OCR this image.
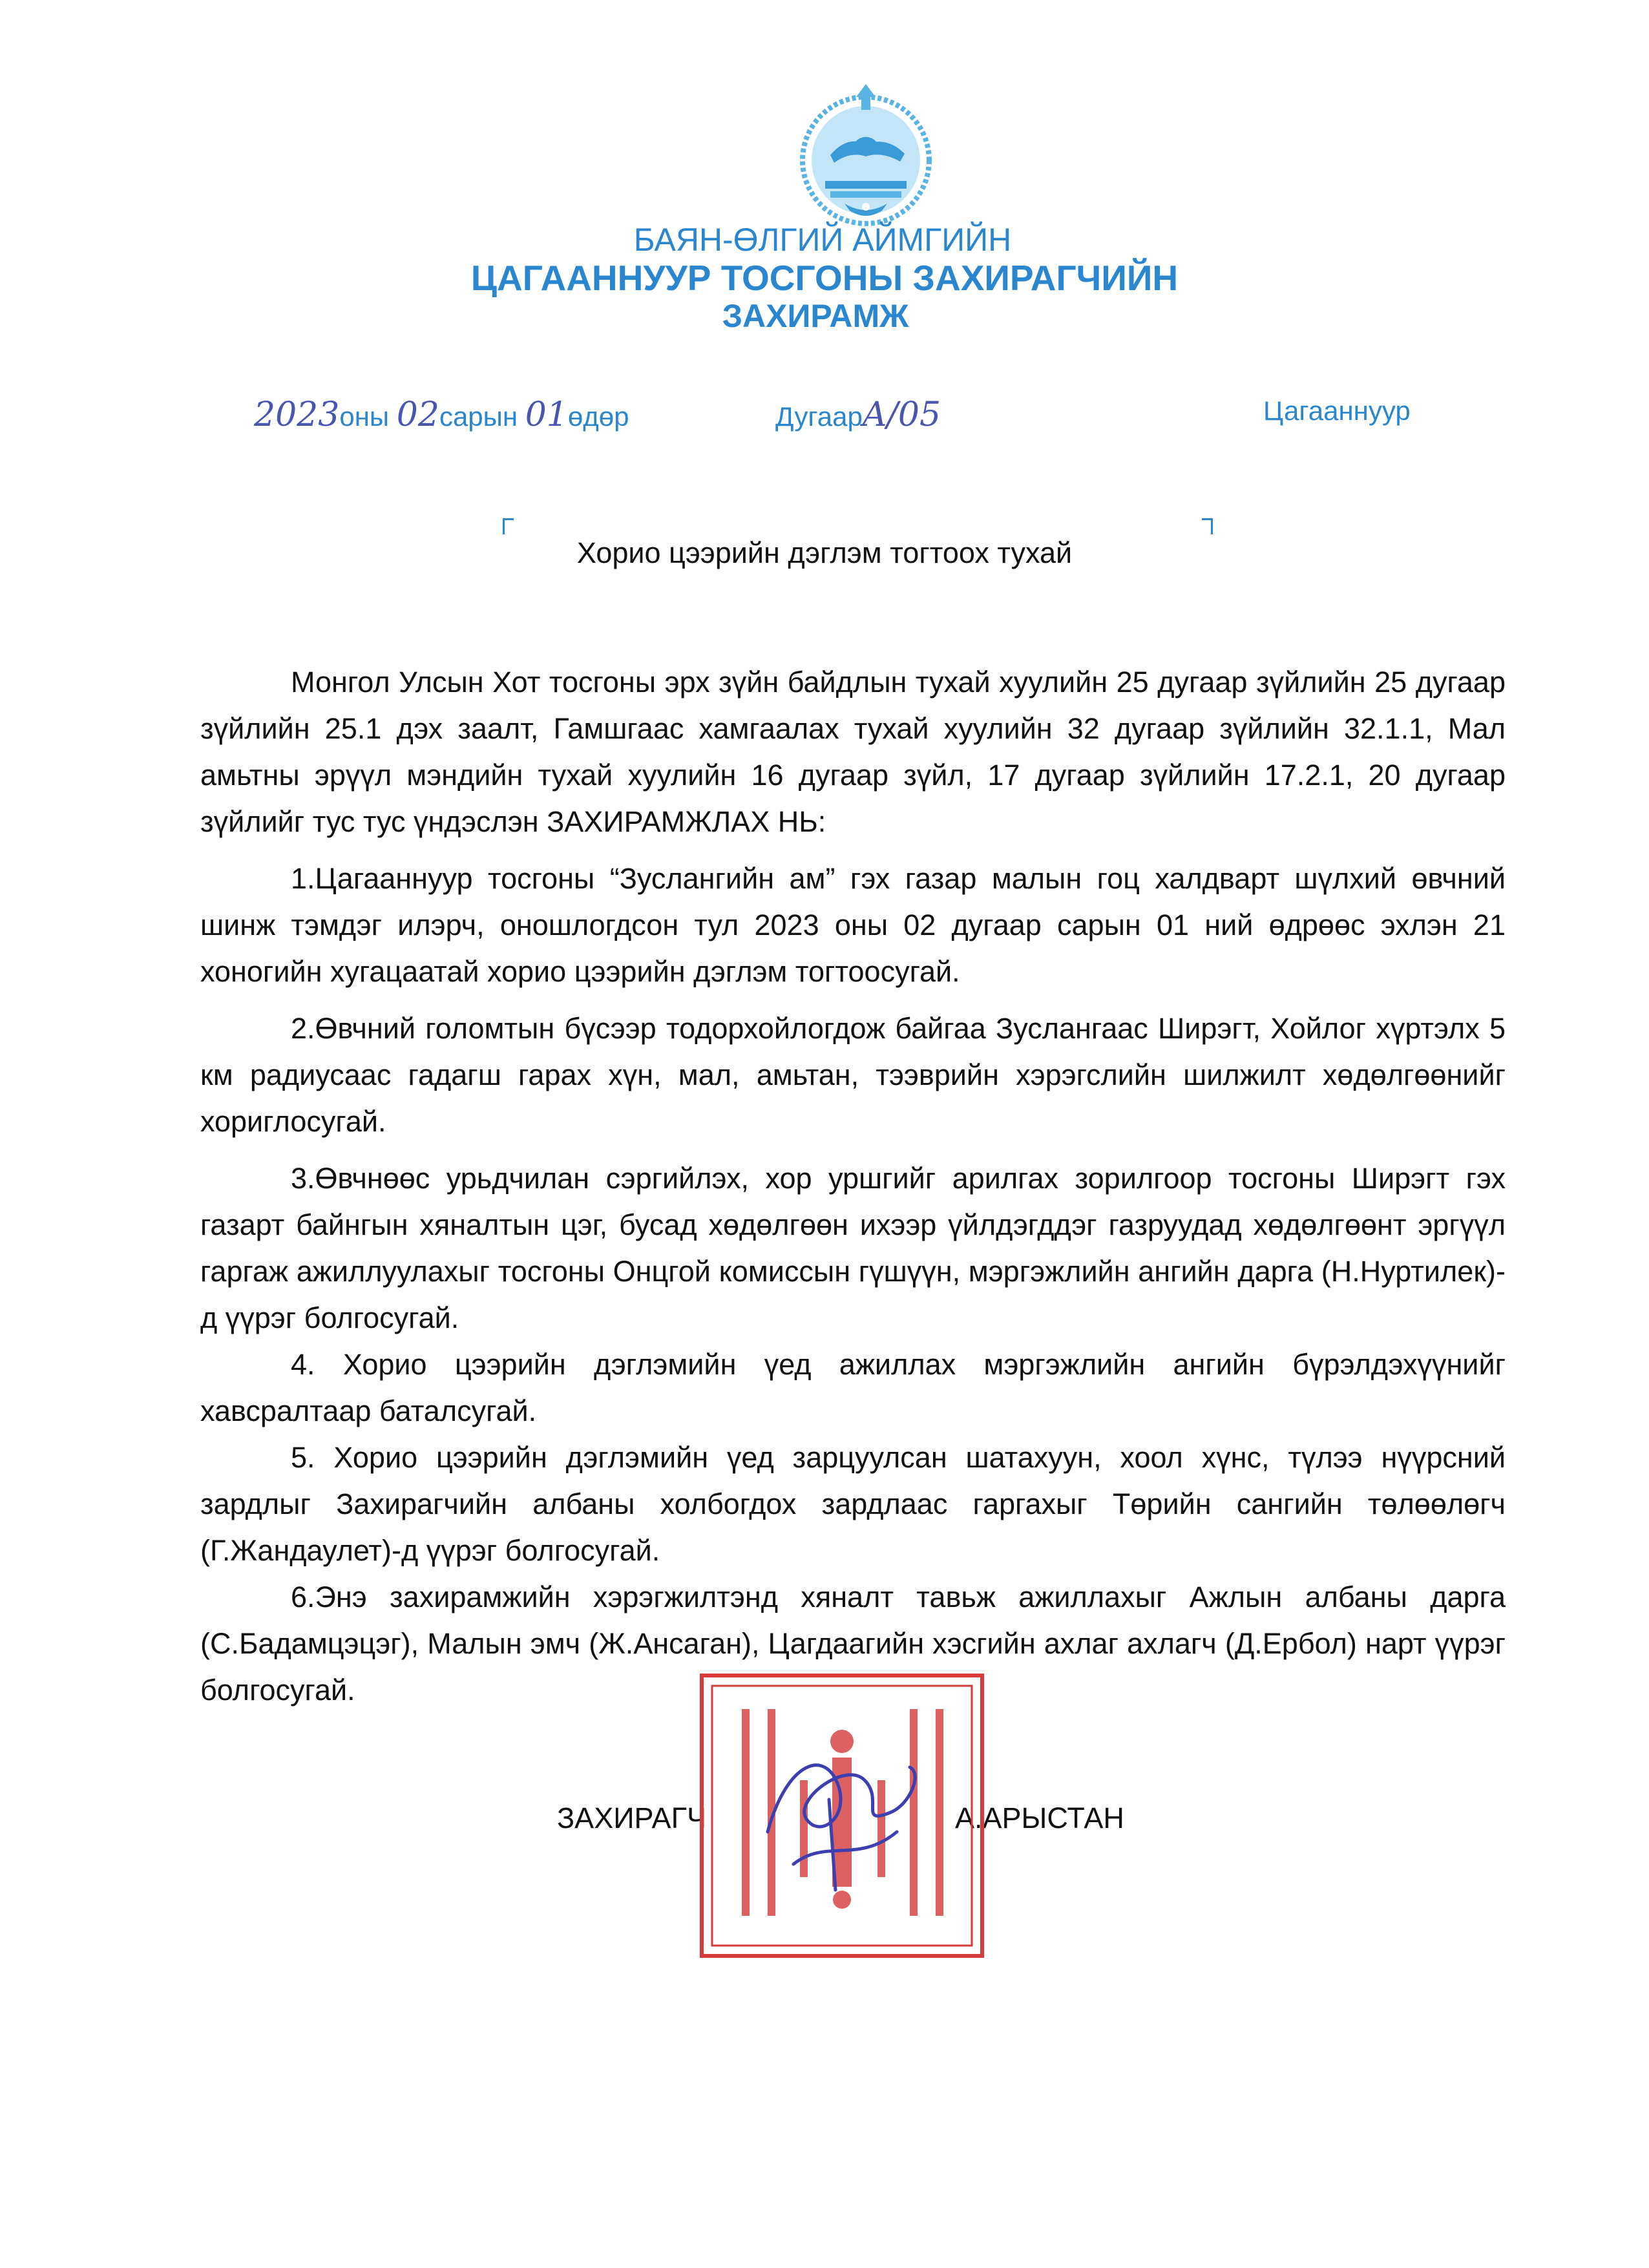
БАЯН-ӨЛГИЙ АЙМГИЙН
ЦАГААННУУР ТОСГОНЫ ЗАХИРАГЧИЙН
ЗАХИРАМЖ
2023оны 02сарын 01өдөр	ДугаарA/05	Цагааннуур
Хорио цээрийн дэглэм тогтоох тухай

Монгол Улсын Хот тосгоны эрх зүйн байдлын тухай хуулийн 25 дугаар зүйлийн 25 дугаар зүйлийн 25.1 дэх заалт, Гамшгаас хамгаалах тухай хуулийн 32 дугаар зүйлийн 32.1.1, Мал амьтны эрүүл мэндийн тухай хуулийн 16 дугаар зүйл, 17 дугаар зүйлийн 17.2.1, 20 дугаар зүйлийг тус тус үндэслэн ЗАХИРАМЖЛАХ НЬ:

1.Цагааннуур тосгоны “Зуслангийн ам” гэх газар малын гоц халдварт шүлхий өвчний шинж тэмдэг илэрч, оношлогдсон тул 2023 оны 02 дугаар сарын 01 ний өдрөөс эхлэн 21 хоногийн хугацаатай хорио цээрийн дэглэм тогтоосугай.

2.Өвчний голомтын бүсээр тодорхойлогдож байгаа Зуслангаас Ширэгт, Хойлог хүртэлх 5 км радиусаас гадагш гарах хүн, мал, амьтан, тээврийн хэрэгслийн шилжилт хөдөлгөөнийг хориглосугай.

3.Өвчнөөс урьдчилан сэргийлэх, хор уршгийг арилгах зорилгоор тосгоны Ширэгт гэх газарт байнгын хяналтын цэг, бусад хөдөлгөөн ихээр үйлдэгддэг газруудад хөдөлгөөнт эргүүл гаргаж ажиллуулахыг тосгоны Онцгой комиссын гүшүүн, мэргэжлийн ангийн дарга (Н.Нуртилек)-д үүрэг болгосугай.

4. Хорио цээрийн дэглэмийн үед ажиллах мэргэжлийн ангийн бүрэлдэхүүнийг хавсралтаар баталсугай.

5. Хорио цээрийн дэглэмийн үед зарцуулсан шатахуун, хоол хүнс, түлээ нүүрсний зардлыг Захирагчийн албаны холбогдох зардлаас гаргахыг Төрийн сангийн төлөөлөгч (Г.Жандаулет)-д үүрэг болгосугай.

6.Энэ захирамжийн хэрэгжилтэнд хяналт тавьж ажиллахыг Ажлын албаны дарга (С.Бадамцэцэг), Малын эмч (Ж.Ансаган), Цагдаагийн хэсгийн ахлаг ахлагч (Д.Ербол) нарт үүрэг болгосугай.

ЗАХИРАГЧ	А.АРЫСТАН
